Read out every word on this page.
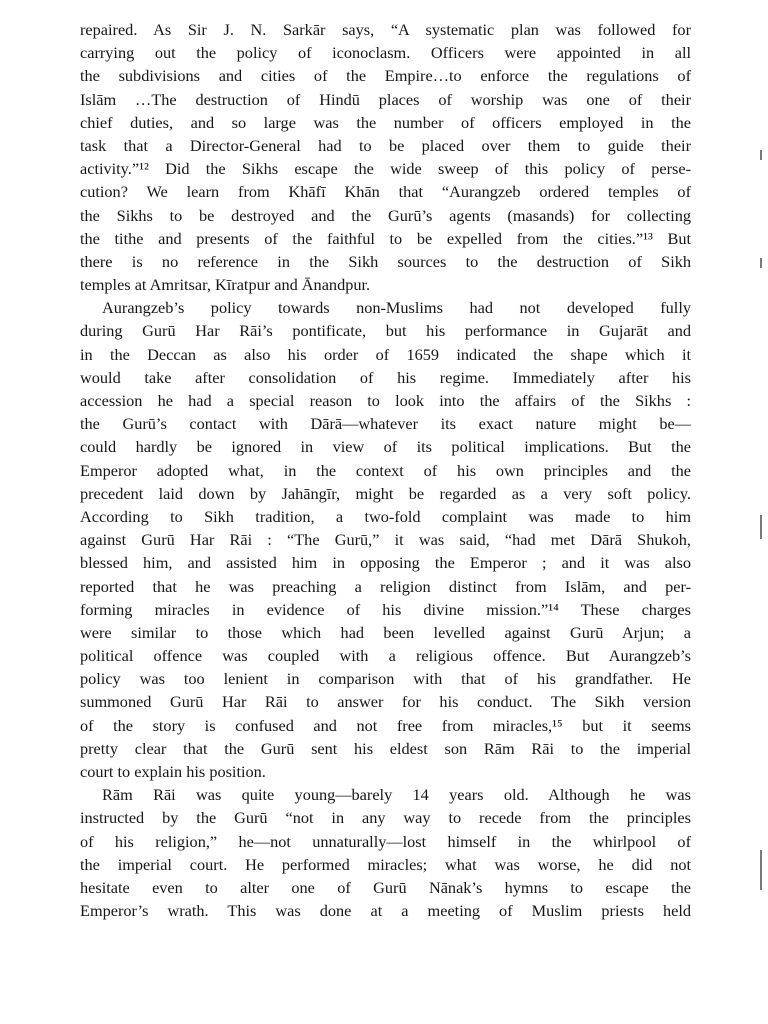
repaired. As Sir J. N. Sarkār says, “A systematic plan was followed for
carrying out the policy of iconoclasm. Officers were appointed in all
the subdivisions and cities of the Empire…to enforce the regulations of
Islām …The destruction of Hindū places of worship was one of their
chief duties, and so large was the number of officers employed in the
task that a Director-General had to be placed over them to guide their
activity.”¹² Did the Sikhs escape the wide sweep of this policy of perse-
cution? We learn from Khāfī Khān that “Aurangzeb ordered temples of
the Sikhs to be destroyed and the Gurū’s agents (masands) for collecting
the tithe and presents of the faithful to be expelled from the cities.”¹³ But
there is no reference in the Sikh sources to the destruction of Sikh
temples at Amritsar, Kīratpur and Ānandpur.
Aurangzeb’s policy towards non-Muslims had not developed fully
during Gurū Har Rāi’s pontificate, but his performance in Gujarāt and
in the Deccan as also his order of 1659 indicated the shape which it
would take after consolidation of his regime. Immediately after his
accession he had a special reason to look into the affairs of the Sikhs :
the Gurū’s contact with Dārā—whatever its exact nature might be—
could hardly be ignored in view of its political implications. But the
Emperor adopted what, in the context of his own principles and the
precedent laid down by Jahāngīr, might be regarded as a very soft policy.
According to Sikh tradition, a two-fold complaint was made to him
against Gurū Har Rāi : “The Gurū,” it was said, “had met Dārā Shukoh,
blessed him, and assisted him in opposing the Emperor ; and it was also
reported that he was preaching a religion distinct from Islām, and per-
forming miracles in evidence of his divine mission.”¹⁴ These charges
were similar to those which had been levelled against Gurū Arjun; a
political offence was coupled with a religious offence. But Aurangzeb’s
policy was too lenient in comparison with that of his grandfather. He
summoned Gurū Har Rāi to answer for his conduct. The Sikh version
of the story is confused and not free from miracles,¹⁵ but it seems
pretty clear that the Gurū sent his eldest son Rām Rāi to the imperial
court to explain his position.
Rām Rāi was quite young—barely 14 years old. Although he was
instructed by the Gurū “not in any way to recede from the principles
of his religion,” he—not unnaturally—lost himself in the whirlpool of
the imperial court. He performed miracles; what was worse, he did not
hesitate even to alter one of Gurū Nānak’s hymns to escape the
Emperor’s wrath. This was done at a meeting of Muslim priests held
